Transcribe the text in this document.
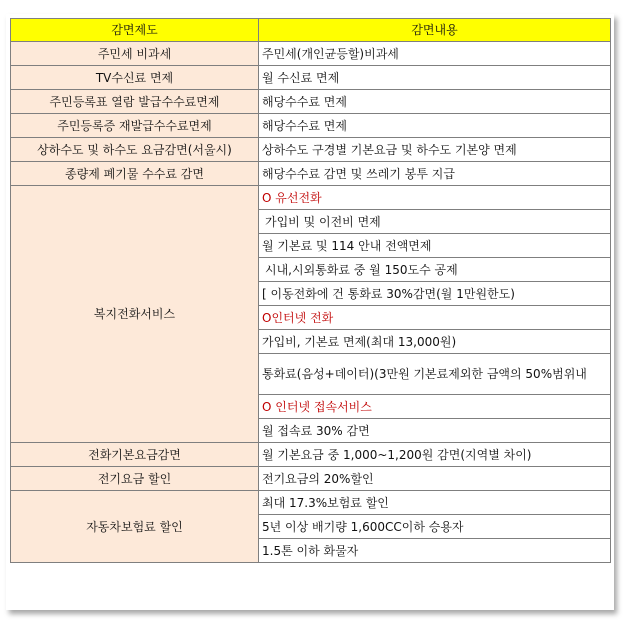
감면제도	감면내용
주민세 비과세	주민세(개인균등할)비과세
TV수신료 면제	월 수신료 면제
주민등록표 열람 발급수수료면제	해당수수료 면제
주민등록증 재발급수수료면제	해당수수료 면제
상하수도 및 하수도 요금감면(서울시)	상하수도 구경별 기본요금 및 하수도 기본양 면제
종량제 폐기물 수수료 감면	해당수수료 감면 및 쓰레기 봉투 지급
복지전화서비스	O 유선전화
	가입비 및 이전비 면제
	월 기본료 및 114 안내 전액면제
	시내,시외통화료 중 월 150도수 공제
	[ 이동전화에 건 통화료 30%감면(월 1만원한도)
	O인터넷 전화
	가입비, 기본료 면제(최대 13,000원)
	통화료(음성+데이터)(3만원 기본료제외한 금액의 50%범위내
	O 인터넷 접속서비스
	월 접속료 30% 감면
전화기본요금감면	월 기본요금 중 1,000~1,200원 감면(지역별 차이)
전기요금 할인	전기요금의 20%할인
자동차보험료 할인	최대 17.3%보험료 할인
	5년 이상 배기량 1,600CC이하 승용자
	1.5톤 이하 화물자
